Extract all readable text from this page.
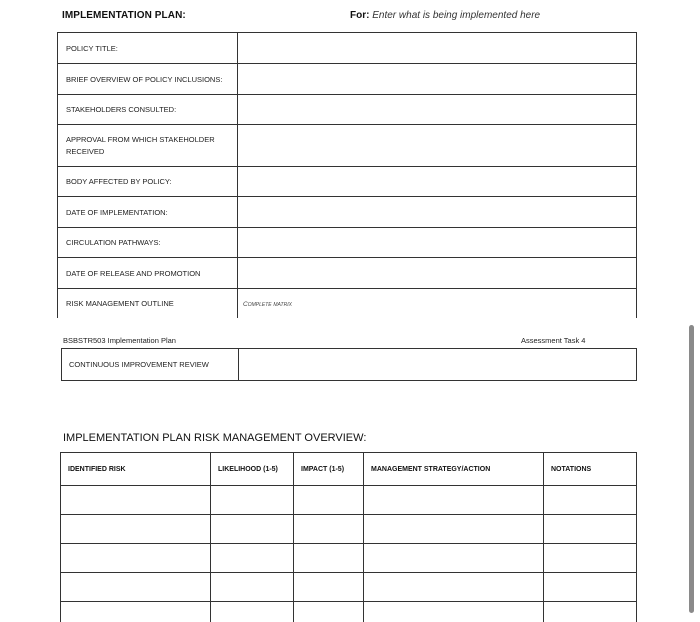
IMPLEMENTATION PLAN:	For: Enter what is being implemented here
POLICY TITLE:	
BRIEF OVERVIEW OF POLICY INCLUSIONS:	
STAKEHOLDERS CONSULTED:	
APPROVAL FROM WHICH STAKEHOLDER RECEIVED	
BODY AFFECTED BY POLICY:	
DATE OF IMPLEMENTATION:	
CIRCULATION PATHWAYS:	
DATE OF RELEASE AND PROMOTION	
RISK MANAGEMENT OUTLINE	Complete matrix
BSBSTR503 Implementation Plan	Assessment Task 4
CONTINUOUS IMPROVEMENT REVIEW	
IMPLEMENTATION PLAN RISK MANAGEMENT OVERVIEW:
IDENTIFIED RISK	LIKELIHOOD (1-5)	IMPACT (1-5)	MANAGEMENT STRATEGY/ACTION	NOTATIONS
